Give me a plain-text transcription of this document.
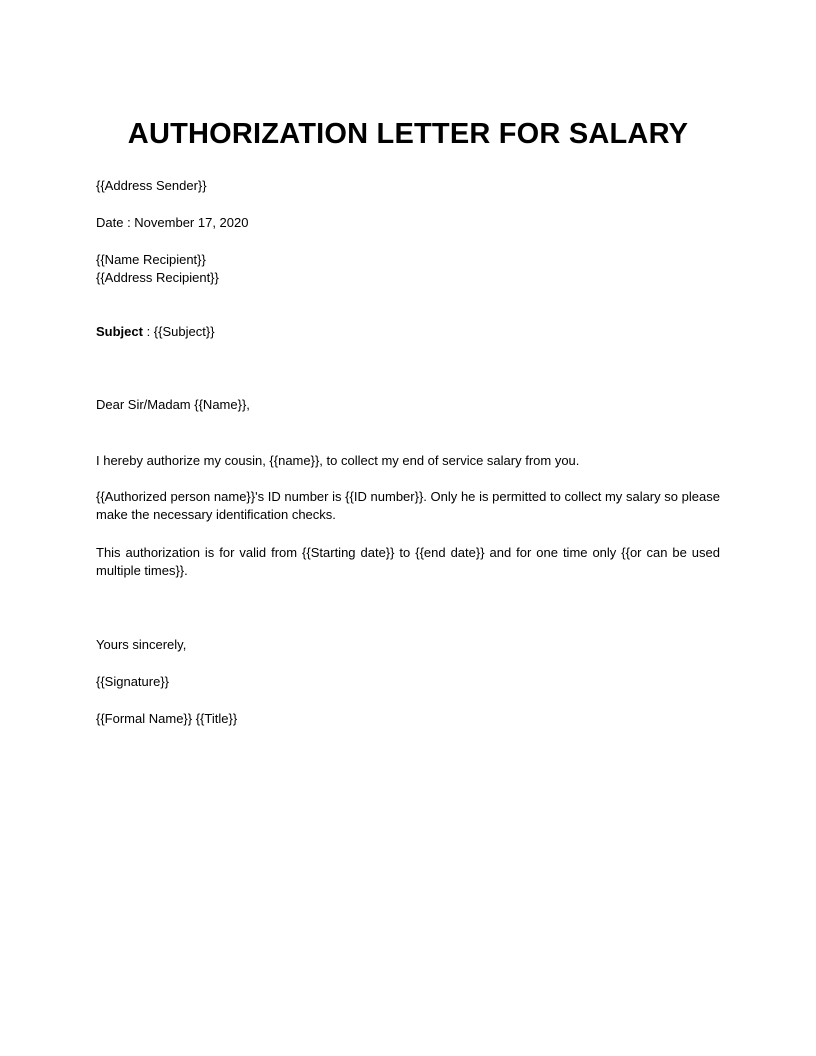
AUTHORIZATION LETTER FOR SALARY

{{Address Sender}}

Date : November 17, 2020

{{Name Recipient}}

{{Address Recipient}}

Subject : {{Subject}}

Dear Sir/Madam {{Name}},

I hereby authorize my cousin, {{name}}, to collect my end of service salary from you.

{{Authorized person name}}'s ID number is {{ID number}}. Only he is permitted to collect my salary so please make the necessary identification checks.

This authorization is for valid from {{Starting date}} to {{end date}} and for one time only {{or can be used multiple times}}.

Yours sincerely,

{{Signature}}

{{Formal Name}} {{Title}}
